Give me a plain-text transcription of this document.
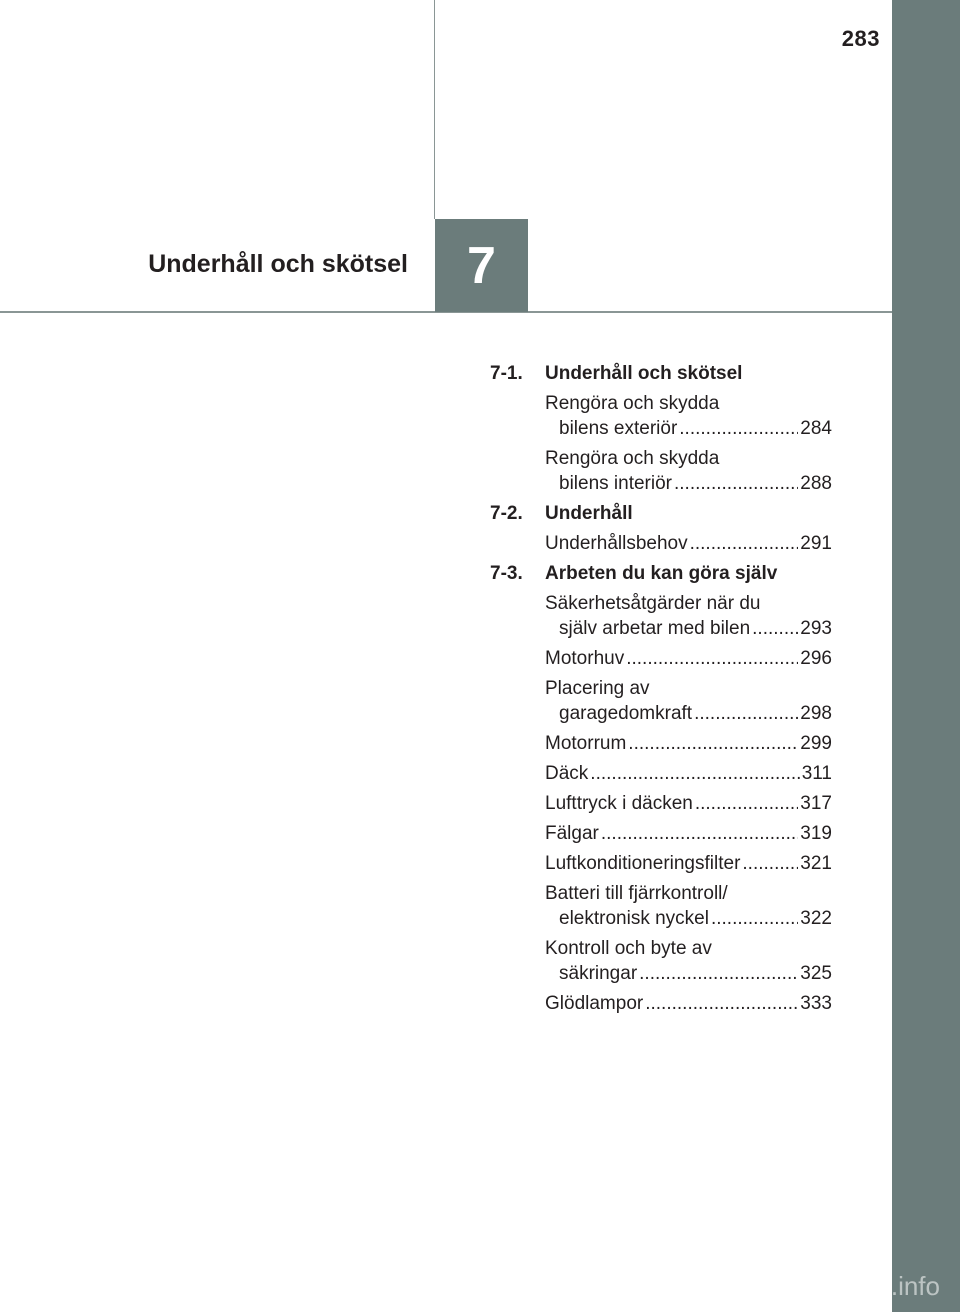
283
7
Underhåll och skötsel
7-1.	Underhåll och skötsel
Rengöra och skydda
bilens exteriör .....	284
Rengöra och skydda
bilens interiör .....	288
7-2.	Underhåll
Underhållsbehov .....	291
7-3.	Arbeten du kan göra själv
Säkerhetsåtgärder när du
själv arbetar med bilen .....	293
Motorhuv .....	296
Placering av
garagedomkraft .....	298
Motorrum .....	299
Däck .....	311
Lufttryck i däcken .....	317
Fälgar .....	319
Luftkonditioneringsfilter .....	321
Batteri till fjärrkontroll/
elektronisk nyckel .....	322
Kontroll och byte av
säkringar .....	325
Glödlampor .....	333
carmanualsonline.info
